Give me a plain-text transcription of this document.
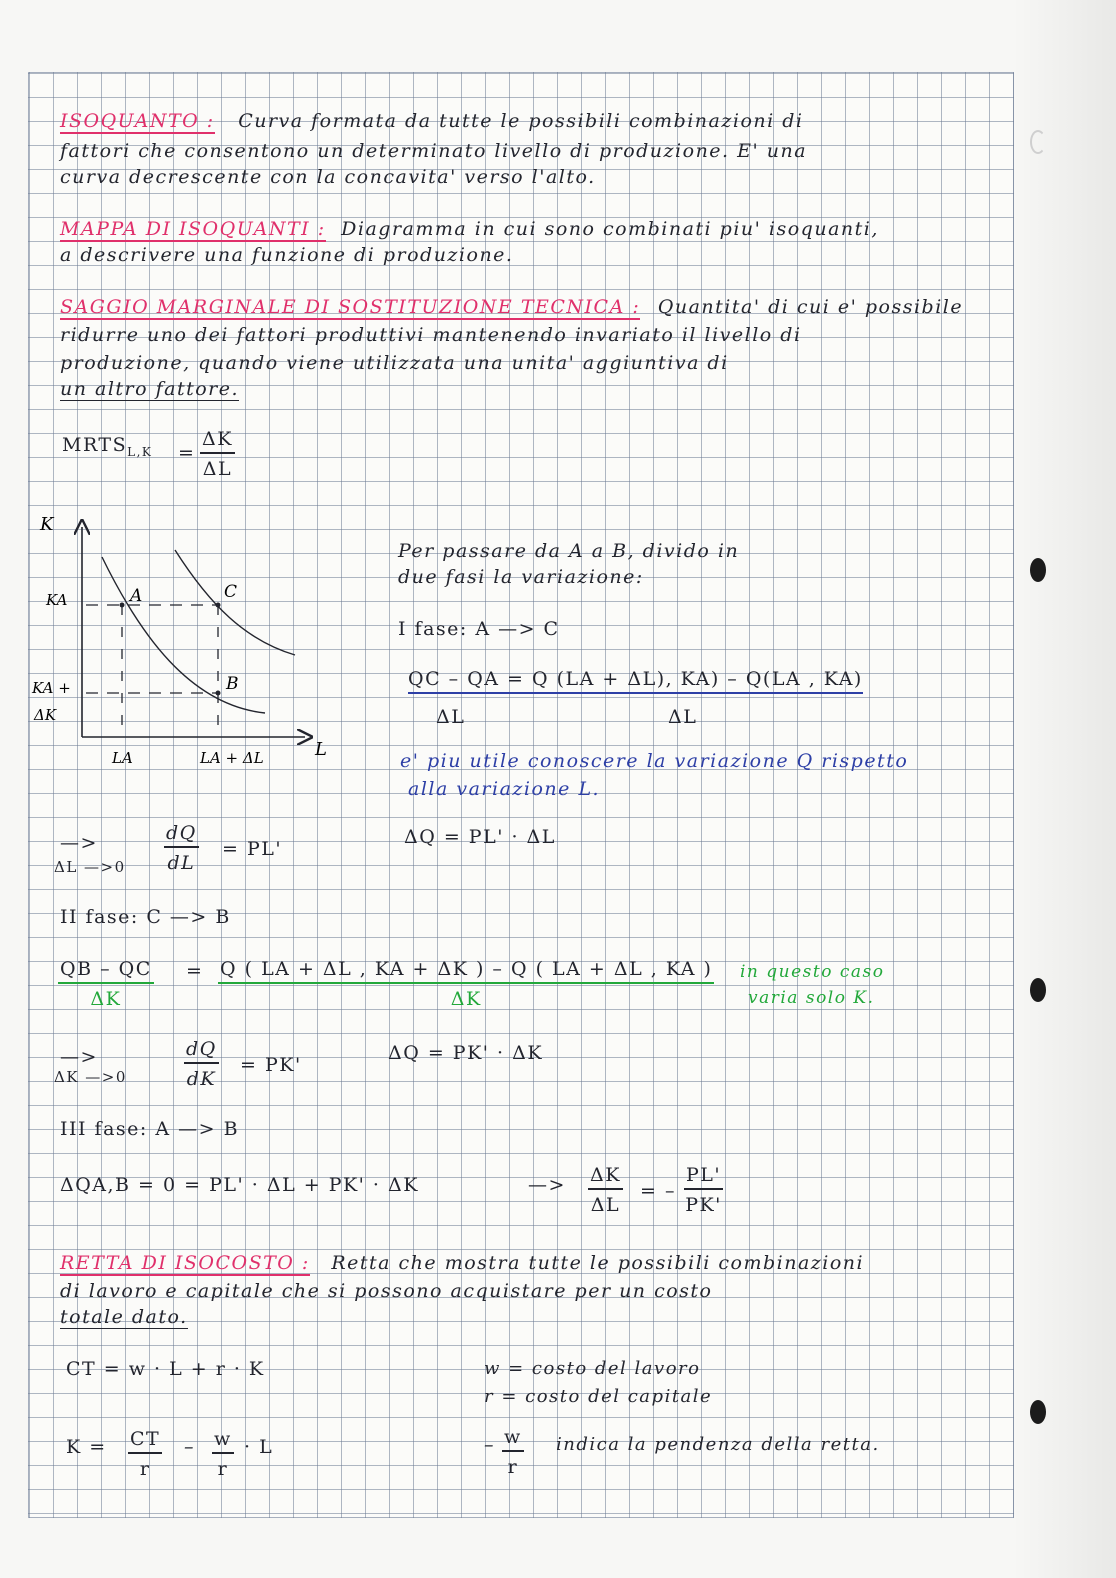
ISOQUANTO : Curva formata da tutte le possibili combinazioni di
fattori che consentono un determinato livello di produzione. E' una
curva decrescente con la concavita' verso l'alto.
MAPPA DI ISOQUANTI : Diagramma in cui sono combinati piu' isoquanti,
a descrivere una funzione di produzione.
SAGGIO MARGINALE DI SOSTITUZIONE TECNICA : Quantita' di cui e' possibile
ridurre uno dei fattori produttivi mantenendo invariato il livello di
produzione, quando viene utilizzata una unita' aggiuntiva di
un altro fattore.
$MRTS_{L,K} = \frac{\Delta K}{\Delta L}$
K
L
KA
KA +
ΔK
LA	LA + ΔL
A	C
B
Per passare da A a B, divido in
due fasi la variazione:
I fase: A —> C
QC – QA = Q (LA + ΔL), KA) – Q(LA , KA)
ΔL	ΔL
e' piu utile conoscere la variazione Q rispetto
alla variazione L.
—>
ΔL —>0 $\frac{dQ}{dL} = PL'$
ΔQ = PL' · ΔL
II fase: C —> B
$\frac{QB - QC}{\Delta K} = \frac{Q ( LA + \Delta L , KA + \Delta K ) - Q ( LA + \Delta L , KA )}{\Delta K}$ in questo caso
varia solo K.
—>
ΔK —>0	$\frac{dQ}{dK} = PK'$
ΔQ = PK' · ΔK
III fase: A —> B
ΔQA,B = 0 = PL' · ΔL + PK' · ΔK	—> $\frac{\Delta K}{\Delta L}$ = – $\frac{PL'}{PK'}$
RETTA DI ISOCOSTO : Retta che mostra tutte le possibili combinazioni
di lavoro e capitale che si possono acquistare per un costo
totale dato.
CT = w · L + r · K	w = costo del lavoro
r = costo del capitale
$K = \frac{CT}{r} - \frac{w}{r} \cdot L$	– $\frac{w}{r}$ indica la pendenza della retta.
